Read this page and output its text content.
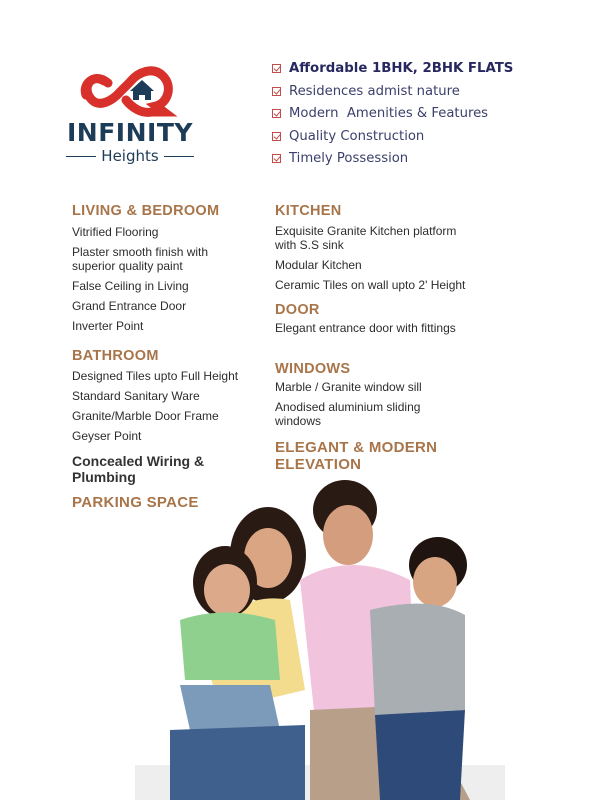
INFINITY
Heights
Affordable 1BHK, 2BHK FLATS
Residences admist nature
Modern  Amenities & Features
Quality Construction
Timely Possession
LIVING & BEDROOM
Vitrified Flooring
Plaster smooth finish with superior quality paint
False Ceiling in Living
Grand Entrance Door
Inverter Point
BATHROOM
Designed Tiles upto Full Height
Standard Sanitary Ware
Granite/Marble Door Frame
Geyser Point
Concealed Wiring & Plumbing
PARKING SPACE
KITCHEN
Exquisite Granite Kitchen platform with S.S sink
Modular Kitchen
Ceramic Tiles on wall upto 2' Height
DOOR
Elegant entrance door with fittings
WINDOWS
Marble / Granite window sill
Anodised aluminium sliding windows
ELEGANT & MODERN ELEVATION
